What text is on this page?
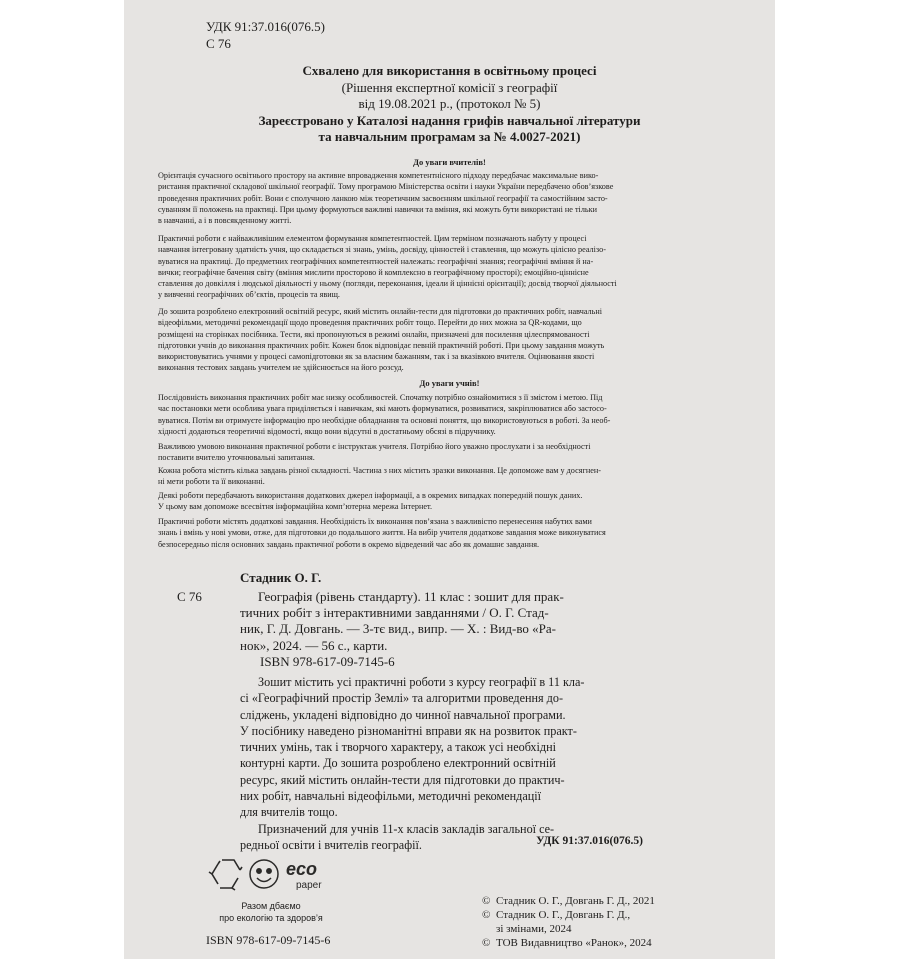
УДК 91:37.016(076.5)
С 76
Схвалено для використання в освітньому процесі
(Рішення експертної комісії з географії
від 19.08.2021 р., (протокол № 5)
Зареєстровано у Каталозі надання грифів навчальної літератури
та навчальним програмам за № 4.0027-2021)
До уваги вчителів!
Орієнтація сучасного освітнього простору на активне впровадження компетентнісного підходу передбачає максимальне вико-
ристання практичної складової шкільної географії. Тому програмою Міністерства освіти і науки України передбачено обов’язкове
проведення практичних робіт. Вони є сполучною ланкою між теоретичним засвоєнням шкільної географії та самостійним засто-
суванням її положень на практиці. При цьому формуються важливі навички та вміння, які можуть бути використані не тільки
в навчанні, а і в повсякденному житті.
Практичні роботи є найважливішим елементом формування компетентностей. Цим терміном позначають набуту у процесі
навчання інтегровану здатність учня, що складається зі знань, умінь, досвіду, цінностей і ставлення, що можуть цілісно реалізо-
вуватися на практиці. До предметних географічних компетентностей належать: географічні знання; географічні вміння й на-
вички; географічне бачення світу (вміння мислити просторово й комплексно в географічному просторі); емоційно-ціннісне
ставлення до довкілля і людської діяльності у ньому (погляди, переконання, ідеали й ціннісні орієнтації); досвід творчої діяльності
у вивченні географічних об’єктів, процесів та явищ.
До зошита розроблено електронний освітній ресурс, який містить онлайн-тести для підготовки до практичних робіт, навчальні
відеофільми, методичні рекомендації щодо проведення практичних робіт тощо. Перейти до них можна за QR-кодами, що
розміщені на сторінках посібника. Тести, які пропонуються в режимі онлайн, призначені для посилення цілеспрямованості
підготовки учнів до виконання практичних робіт. Кожен блок відповідає певній практичній роботі. При цьому завдання можуть
використовуватись учнями у процесі самопідготовки як за власним бажанням, так і за вказівкою вчителя. Оцінювання якості
виконання тестових завдань учителем не здійснюється на його розсуд.
До уваги учнів!
Послідовність виконання практичних робіт має низку особливостей. Спочатку потрібно ознайомитися з її змістом і метою. Під
час постановки мети особлива увага приділяється і навичкам, які мають формуватися, розвиватися, закріплюватися або застосо-
вуватися. Потім ви отримуєте інформацію про необхідне обладнання та основні поняття, що використовуються в роботі. За необ-
хідності додаються теоретичні відомості, якщо вони відсутні в достатньому обсязі в підручнику.
Важливою умовою виконання практичної роботи є інструктаж учителя. Потрібно його уважно прослухати і за необхідності
поставити вчителю уточнювальні запитання.
Кожна робота містить кілька завдань різної складності. Частина з них містить зразки виконання. Це допоможе вам у досягнен-
ні мети роботи та її виконанні.
Деякі роботи передбачають використання додаткових джерел інформації, а в окремих випадках попередній пошук даних.
У цьому вам допоможе всесвітня інформаційна комп’ютерна мережа Інтернет.
Практичні роботи містять додаткові завдання. Необхідність їх виконання пов’язана з важливістю перенесення набутих вами
знань і вмінь у нові умови, отже, для підготовки до подальшого життя. На вибір учителя додаткове завдання може виконуватися
безпосередньо після основних завдань практичної роботи в окремо відведений час або як домашнє завдання.
Стадник О. Г.
С 76	Географія (рівень стандарту). 11 клас : зошит для прак-
тичних робіт з інтерактивними завданнями / О. Г. Стад-
ник, Г. Д. Довгань. — 3-тє вид., випр. — Х. : Вид-во «Ра-
нок», 2024. — 56 с., карти.
ISBN 978-617-09-7145-6
Зошит містить усі практичні роботи з курсу географії в 11 кла-
сі «Географічний простір Землі» та алгоритми проведення до-
сліджень, укладені відповідно до чинної навчальної програми.
У посібнику наведено різноманітні вправи як на розвиток практ-
тичних умінь, так і творчого характеру, а також усі необхідні
контурні карти. До зошита розроблено електронний освітній
ресурс, який містить онлайн-тести для підготовки до практич-
них робіт, навчальні відеофільми, методичні рекомендації
для вчителів тощо.
Призначений для учнів 11-х класів закладів загальної се-
редньої освіти і вчителів географії.	УДК 91:37.016(076.5)
eco
paper
Разом дбаємо
про екологію та здоров’я
ISBN 978-617-09-7145-6
© Стадник О. Г., Довгань Г. Д., 2021
© Стадник О. Г., Довгань Г. Д.,
зі змінами, 2024
© ТОВ Видавництво «Ранок», 2024
